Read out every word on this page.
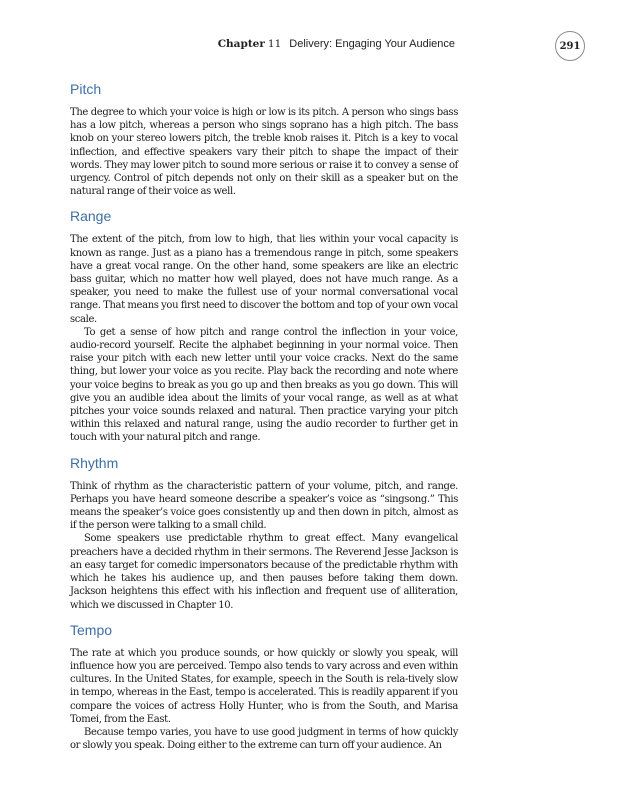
Chapter 11 Delivery: Engaging Your Audience	291
Pitch

The degree to which your voice is high or low is its pitch. A person who sings bass has a low pitch, whereas a person who sings soprano has a high pitch. The bass knob on your stereo lowers pitch, the treble knob raises it. Pitch is a key to vocal inflection, and effective speakers vary their pitch to shape the impact of their words. They may lower pitch to sound more serious or raise it to convey a sense of urgency. Control of pitch depends not only on their skill as a speaker but on the natural range of their voice as well.

Range

The extent of the pitch, from low to high, that lies within your vocal capacity is known as range. Just as a piano has a tremendous range in pitch, some speakers have a great vocal range. On the other hand, some speakers are like an electric bass guitar, which no matter how well played, does not have much range. As a speaker, you need to make the fullest use of your normal conversational vocal range. That means you first need to discover the bottom and top of your own vocal scale.

To get a sense of how pitch and range control the inflection in your voice, audio-record yourself. Recite the alphabet beginning in your normal voice. Then raise your pitch with each new letter until your voice cracks. Next do the same thing, but lower your voice as you recite. Play back the recording and note where your voice begins to break as you go up and then breaks as you go down. This will give you an audible idea about the limits of your vocal range, as well as at what pitches your voice sounds relaxed and natural. Then practice varying your pitch within this relaxed and natural range, using the audio recorder to further get in touch with your natural pitch and range.

Rhythm

Think of rhythm as the characteristic pattern of your volume, pitch, and range. Perhaps you have heard someone describe a speaker’s voice as “singsong.” This means the speaker’s voice goes consistently up and then down in pitch, almost as if the person were talking to a small child.

Some speakers use predictable rhythm to great effect. Many evangelical preachers have a decided rhythm in their sermons. The Reverend Jesse Jackson is an easy target for comedic impersonators because of the predictable rhythm with which he takes his audience up, and then pauses before taking them down. Jackson heightens this effect with his inflection and frequent use of alliteration, which we discussed in Chapter 10.

Tempo

The rate at which you produce sounds, or how quickly or slowly you speak, will influence how you are perceived. Tempo also tends to vary across and even within cultures. In the United States, for example, speech in the South is rela-tively slow in tempo, whereas in the East, tempo is accelerated. This is readily apparent if you compare the voices of actress Holly Hunter, who is from the South, and Marisa Tomei, from the East.

Because tempo varies, you have to use good judgment in terms of how quickly or slowly you speak. Doing either to the extreme can turn off your audience. An
